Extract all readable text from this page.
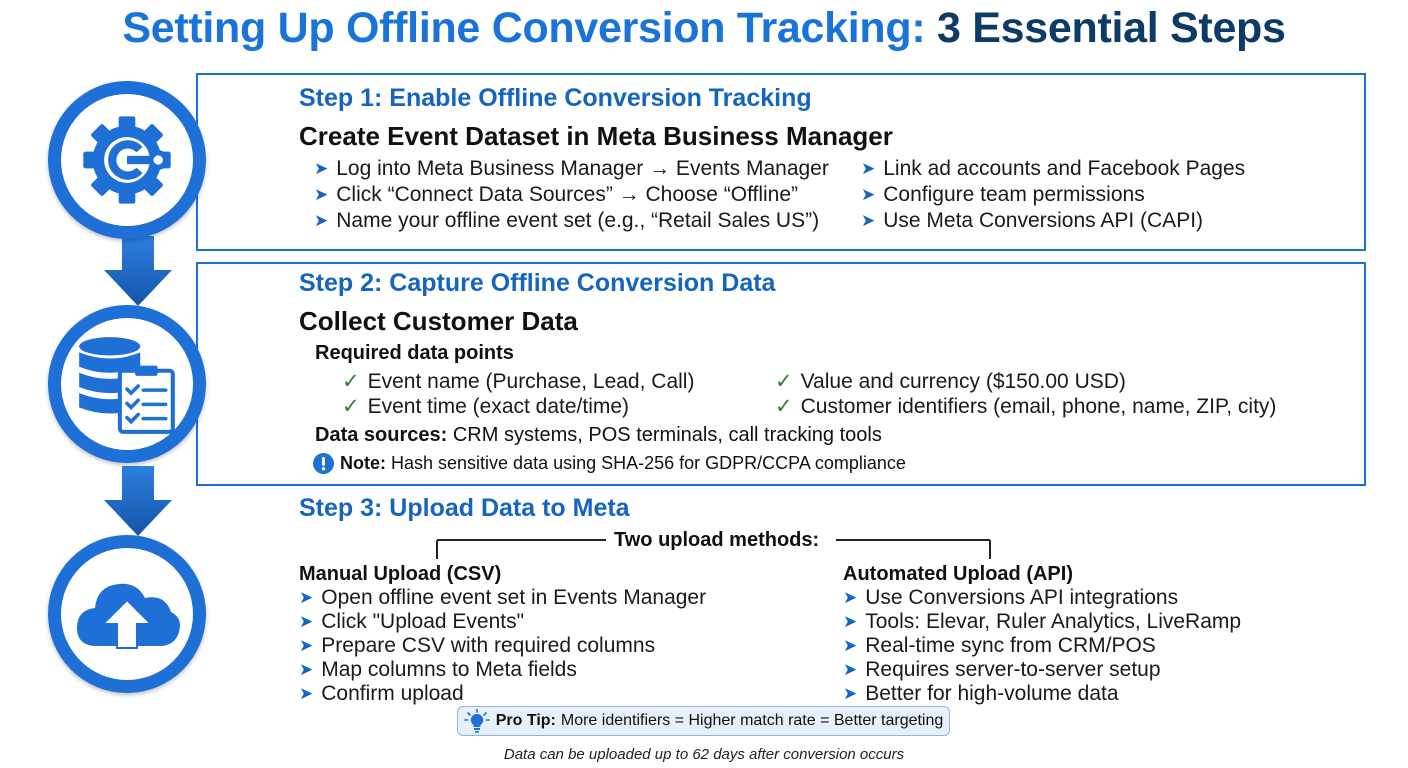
Setting Up Offline Conversion Tracking: 3 Essential Steps
Step 1: Enable Offline Conversion Tracking
Create Event Dataset in Meta Business Manager
➤ Log into Meta Business Manager → Events Manager
➤ Click “Connect Data Sources” → Choose “Offline”
➤ Name your offline event set (e.g., “Retail Sales US”)
➤ Link ad accounts and Facebook Pages
➤ Configure team permissions
➤ Use Meta Conversions API (CAPI)
Step 2: Capture Offline Conversion Data
Collect Customer Data
Required data points
✓ Event name (Purchase, Lead, Call)
✓ Event time (exact date/time)
✓ Value and currency ($150.00 USD)
✓ Customer identifiers (email, phone, name, ZIP, city)
Data sources: CRM systems, POS terminals, call tracking tools
Note: Hash sensitive data using SHA-256 for GDPR/CCPA compliance
Step 3: Upload Data to Meta
Two upload methods:
Manual Upload (CSV)
➤ Open offline event set in Events Manager
➤ Click "Upload Events"
➤ Prepare CSV with required columns
➤ Map columns to Meta fields
➤ Confirm upload
Automated Upload (API)
➤ Use Conversions API integrations
➤ Tools: Elevar, Ruler Analytics, LiveRamp
➤ Real-time sync from CRM/POS
➤ Requires server-to-server setup
➤ Better for high-volume data
Pro Tip: More identifiers = Higher match rate = Better targeting
Data can be uploaded up to 62 days after conversion occurs
